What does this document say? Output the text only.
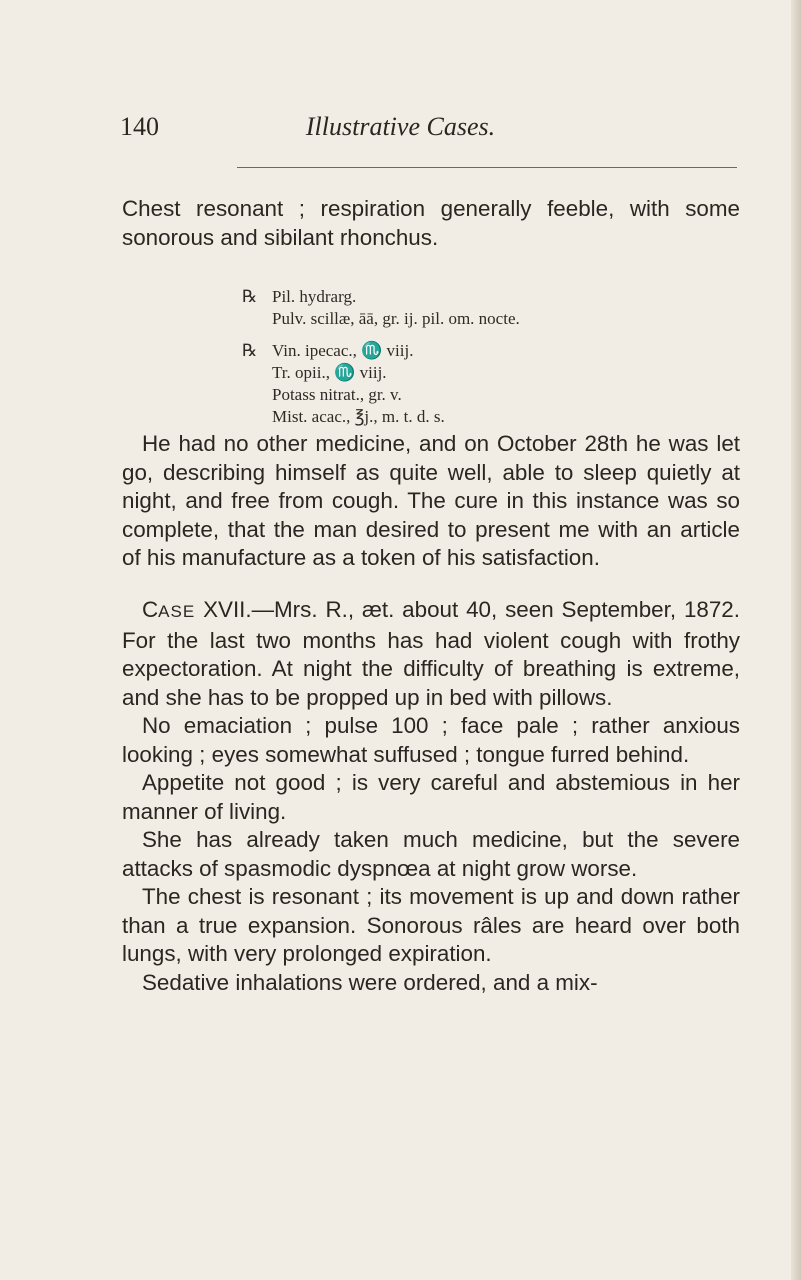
140	Illustrative Cases.

Chest resonant ; respiration generally feeble, with some sonorous and sibilant rhonchus.

℞ Pil. hydrarg.
Pulv. scillæ, āā, gr. ij. pil. om. nocte.
℞ Vin. ipecac., ♏ viij.
Tr. opii., ♏ viij.
Potass nitrat., gr. v.
Mist. acac., ℥j., m. t. d. s.

He had no other medicine, and on October 28th he was let go, describing himself as quite well, able to sleep quietly at night, and free from cough. The cure in this instance was so complete, that the man desired to present me with an article of his manufacture as a token of his satisfaction.

CASE XVII.—Mrs. R., æt. about 40, seen September, 1872. For the last two months has had violent cough with frothy expectoration. At night the difficulty of breathing is extreme, and she has to be propped up in bed with pillows.

No emaciation ; pulse 100 ; face pale ; rather anxious looking ; eyes somewhat suffused ; tongue furred behind.

Appetite not good ; is very careful and abstemious in her manner of living.

She has already taken much medicine, but the severe attacks of spasmodic dyspnœa at night grow worse.

The chest is resonant ; its movement is up and down rather than a true expansion. Sonorous râles are heard over both lungs, with very prolonged expiration.

Sedative inhalations were ordered, and a mix-
